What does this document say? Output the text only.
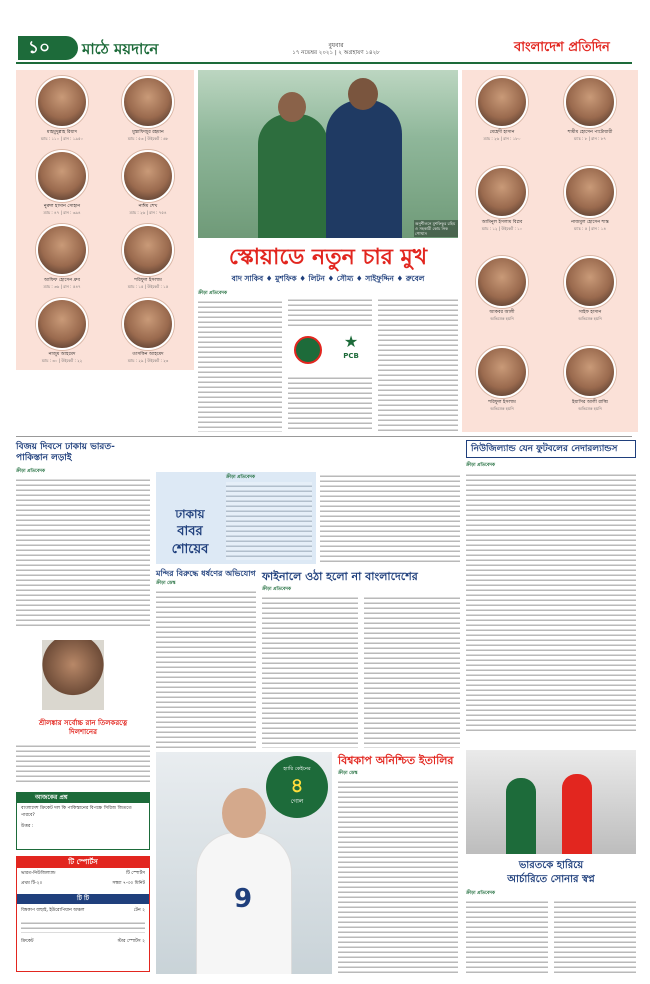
১০	মাঠে ময়দানে	বুধবার
১৭ নভেম্বর ২০২১ | ২ অগ্রহায়ণ ১৪২৮	বাংলাদেশ প্রতিদিন
মাহমুদুল্লাহ রিয়াদ
ম্যাচ : ১১০ | রান : ১৯৫০
মুস্তাফিজুর রহমান
ম্যাচ : ৫৩ | উইকেট : ৬৮
নুরুল হাসান সোহান
ম্যাচ : ৪৭ | রান : ৩৯৪
নাঈম শেখ
ম্যাচ : ২৬ | রান : ৭৫৪
আফিফ হোসেন ধ্রুব
ম্যাচ : ৩৬ | রান : ৫৪৭
শরিফুল ইসলাম
ম্যাচ : ১৫ | উইকেট : ১৫
নাজুম আহমেদ
ম্যাচ : ৩০ | উইকেট : ২২
তাসকিন আহমেদ
ম্যাচ : ২৯ | উইকেট : ২৩
মেহেদী হাসান
ম্যাচ : ২৬ | রান : ১৮০
শামীম হোসেন পাটোয়ারী
ম্যাচ : ৮ | রান : ৮৭
আমিনুল ইসলাম বিপ্লব
ম্যাচ : ১২ | উইকেট : ১০
নাজমুল হোসেন শান্ত
ম্যাচ : ৫ | রান : ১৪
আকবর আলী
অভিষেক হয়নি
সাইফ হাসান
অভিষেক হয়নি
শরিফুল ইসলাম
অভিষেক হয়নি
ইয়াসির আলী রাব্বি
অভিষেক হয়নি
অনুশীলনে মুশফিকুর রহিম ও সহকারী কোচ নিক পোথাস
স্কোয়াডে নতুন চার মুখ
বাদ সাকিব ♦ মুশফিক ♦ লিটন ♦ সৌম্য ♦ সাইফুদ্দিন ♦ রুবেল
ক্রীড়া প্রতিবেদক
★
PCB
বিজয় দিবসে ঢাকায় ভারত-পাকিস্তান লড়াই
ক্রীড়া প্রতিবেদক
শ্রীলঙ্কার সর্বোচ্চ রান তিলকরত্নে দিলশানের
আজকের প্রশ্ন
বাংলাদেশ ক্রিকেট দল কি পাকিস্তানের বিপক্ষে সিরিজ জিততে পারবে?
উত্তর :
টি স্পোর্টস
ভারত-নিউজিল্যান্ড	টি স্পোর্টস
প্রথম টি-২০	সন্ধ্যা ৭-৩০ মিনিট
টি টি
বিশ্বকাপ বাছাই, ইউরোপিয়ান অঞ্চল	টেন ২
ক্রিকেট	স্টার স্পোর্টস ২
ঢাকায়
বাবর
শোয়েব
ক্রীড়া প্রতিবেদক
মন্দির বিরুদ্ধে ধর্ষণের অভিযোগ
ক্রীড়া ডেস্ক
ফাইনালে ওঠা হলো না বাংলাদেশের
ক্রীড়া প্রতিবেদক
নিউজিল্যান্ড যেন ফুটবলের নেদারল্যান্ডস
ক্রীড়া প্রতিবেদক
9
হ্যারি কেইনের
৪
গোল
বিশ্বকাপ অনিশ্চিত ইতালির
ক্রীড়া ডেস্ক
ভারতকে হারিয়ে
আর্চারিতে সোনার স্বপ্ন
ক্রীড়া প্রতিবেদক
